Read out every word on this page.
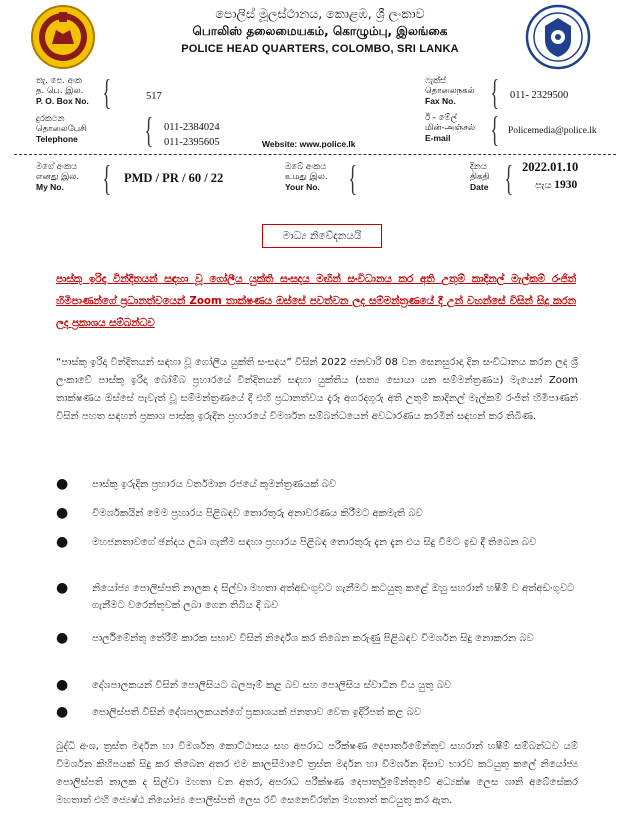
පොලිස් මූලස්ථානය, කොළඹ, ශ්‍රී ලංකාව
பொலிஸ் தலைமையகம், கொழும்பு, இலங்கை
POLICE HEAD QUARTERS, COLOMBO, SRI LANKA
තැ. පෙ. අංක
த. பெ. இல.
P. O. Box No. {	517
ෆැක්ස්
தொலைநகல்
Fax No. { 011- 2329500
දුරකථන
தொலைபேசி
Telephone { 011-2384024
011-2395605	Website: www.police.lk
ඊ - මේල්
மின்-அஞ்சல்
E-mail	{ Policemedia@police.lk
මගේ අංකය
எனது இல.
My No.	{ PMD / PR / 60 / 22
ඔබේ අංකය
உமது இல.
Your No. {	දිනය
திகதி
Date { 2022.01.10
පැය 1930
මාධ්‍ය නිවේදනයයි
පාස්කු ඉරිදා වින්දිතයන් සඳහා වූ ගෝලීය යුක්ති සංසදය මඟින් සංවිධානය කර අති උතුම් කාදිනල් මැල්කම් රංජිත් හිමිපාණන්ගේ ප්‍රධානත්වයෙන් Zoom තාක්ෂණය ඔස්සේ පවත්වන ලද සම්මන්ත්‍රණයේ දී උන් වහන්සේ විසින් සිදු කරන ලද ප්‍රකාශය සම්බන්ධව
“පාස්කු ඉරිදා වින්දිතයන් සඳහා වූ ගෝලීය යුක්ති සංසදය” විසින් 2022 ජනවාරි 08 වන සෙනසුරාදා දින සංවිධානය කරන ලද ශ්‍රී ලංකාවේ පාස්කු ඉරිදා බෝම්බ ප්‍රහාරයේ වින්දිතයන් සඳහා යුක්තිය (සත්‍ය සොයා යන සම්මන්ත්‍රණය) මැයෙන් Zoom තාක්ෂණය ඔස්සේ පැවැත් වූ සම්මන්ත්‍රණයේ දී එහි ප්‍රධානත්වය දැරූ අගරදගුරු අති උතුම් කාදිනල් මැල්කම් රංජිත් හිමිපාණන් විසින් පහත සඳහන් ප්‍රකාශ පාස්කු ඉරුදින ප්‍රහාරයේ විමර්ශන සම්බන්ධයෙන් අවධාරණය කරමින් සඳහන් කර තිබිණ.
● පාස්කු ඉරුදින ප්‍රහාරය වර්තමාන රජයේ කුමන්ත්‍රණයක් බව
● විමර්ශකයින් මෙම ප්‍රහාරය පිළිබඳව තොරතුරු අනාවරණය කිරීමට අකමැති බව
● මහජනතාවගේ ඡන්දය ලබා ගැනීම සඳහා ප්‍රහාරය පිළිබඳ තොරතුරු දැන දැන එය සිදු වීමට ඉඩ දී තිබෙන බව
● නියෝජ්‍ය පොලිස්පති නාලක ද සිල්වා මහතා අත්අඩංගුවට ගැනීමට කටයුතු කළේ ඔහු සහරාන් හෂීම් ව අත්අඩංගුවට ගැනීමට වරෙන්තුවක් ලබා ගෙන තිබිය දී බව
● පාර්ලිමේන්තු තේරීම් කාරක සභාව විසින් නිර්දේශ කර තිබෙන කරුණු පිළිබඳව විමර්ශන සිදු නොකරන බව
● දේශපාලකයන් විසින් පොලිසියට බලපෑම් කළ බව සහ පොලිසිය ස්වාධීන විය යුතු බව
● පොලිස්පති විසින් දේශපාලකයන්ගේ ප්‍රකාශයක් ජනතාව වෙත ඉදිරිපත් කළ බව
බුද්ධි අංශ, ත්‍රස්ත මර්දන හා විමර්ශන කොට්ඨාසය සහ අපරාධ පරීක්ෂණ දෙපාර්තමේන්තුව සහරාන් හෂීම් සම්බන්ධව යම් විමර්ශන කිහිපයක් සිදු කර තිබෙන අතර එම කාලසීමාවේ ත්‍රස්ත මර්දන හා විමර්ශන දිසාව භාරව කටයුතු කලේ නියෝජ්‍ය පොලිස්පති නාලක ද සිල්වා මහතා වන අතර, අපරාධ පරීක්ෂණ දෙපාර්තුමේන්තුවේ අධ්‍යක්ෂ ලෙස ශානි අබේසේකර මහතාත් එහි ජ්‍යෙෂ්ඨ නියෝජ්‍ය පොලිස්පති ලෙස රවි සෙනෙවිරත්න මහතාත් කටයුතු කර ඇත.
